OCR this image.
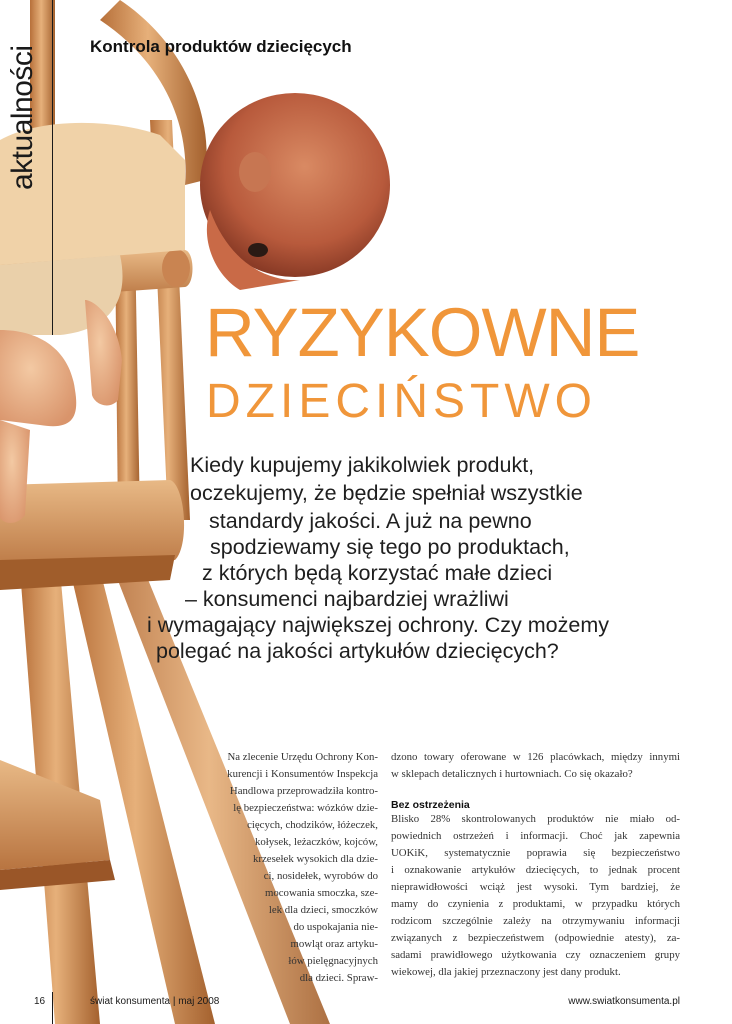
aktualności	Kontrola produktów dziecięcych
RYZYKOWNE
DZIECIŃSTWO
Kiedy kupujemy jakikolwiek produkt,
oczekujemy, że będzie spełniał wszystkie
standardy jakości. A już na pewno
spodziewamy się tego po produktach,
z których będą korzystać małe dzieci
– konsumenci najbardziej wrażliwi
i wymagający największej ochrony. Czy możemy
polegać na jakości artykułów dziecięcych?
Na zlecenie Urzędu Ochrony Kon-
kurencji i Konsumentów Inspekcja
Handlowa przeprowadziła kontro-
lę bezpieczeństwa: wózków dzie-
cięcych, chodzików, łóżeczek,
kołysek, leżaczków, kojców,
krzesełek wysokich dla dzie-
ci, nosidełek, wyrobów do
mocowania smoczka, sze-
lek dla dzieci, smoczków
do uspokajania nie-
mowląt oraz artyku-
łów pielęgnacyjnych
dla dzieci. Spraw-
dzono towary oferowane w 126 placówkach, między innymi
w sklepach detalicznych i hurtowniach. Co się okazało?
Bez ostrzeżenia
Blisko 28% skontrolowanych produktów nie miało od-
powiednich ostrzeżeń i informacji. Choć jak zapewnia
UOKiK, systematycznie poprawia się bezpieczeństwo
i oznakowanie artykułów dziecięcych, to jednak procent
nieprawidłowości wciąż jest wysoki. Tym bardziej, że
mamy do czynienia z produktami, w przypadku których
rodzicom szczególnie zależy na otrzymywaniu informacji
związanych z bezpieczeństwem (odpowiednie atesty), za-
sadami prawidłowego użytkowania czy oznaczeniem grupy
wiekowej, dla jakiej przeznaczony jest dany produkt.
16	świat konsumenta | maj 2008	www.swiatkonsumenta.pl
